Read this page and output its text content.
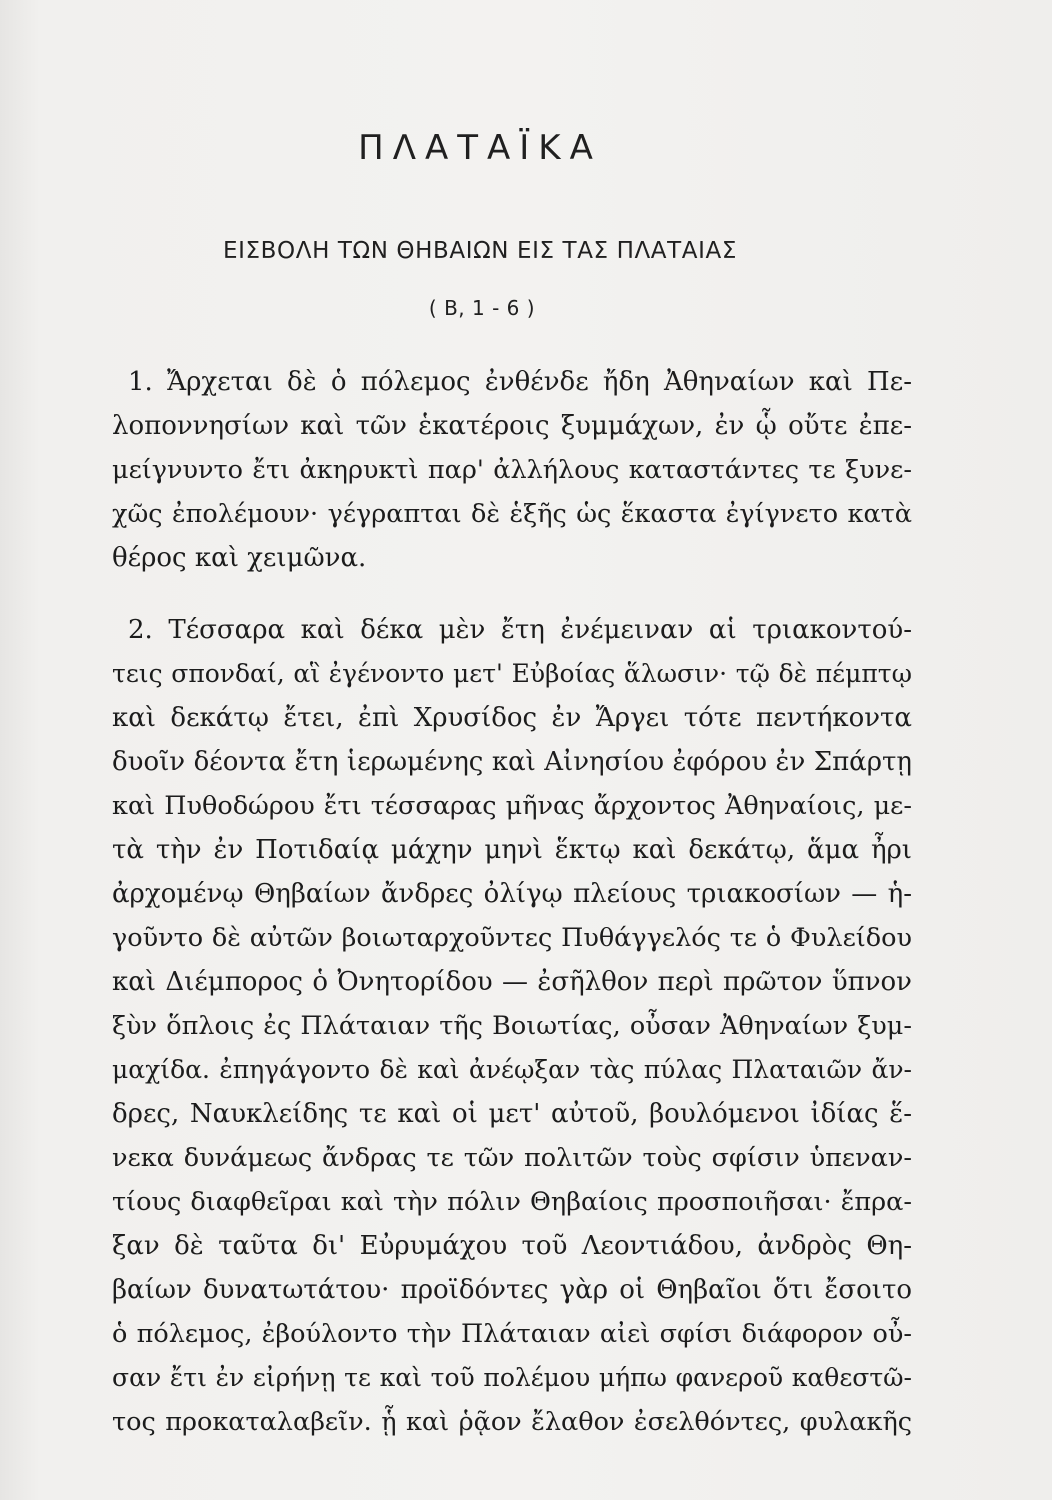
ΠΛΑΤΑΪΚΑ
ΕΙΣΒΟΛΗ ΤΩΝ ΘΗΒΑΙΩΝ ΕΙΣ ΤΑΣ ΠΛΑΤΑΙΑΣ
( Β, 1 - 6 )
1. Ἄρχεται δὲ ὁ πόλεμος ἐνθένδε ἤδη Ἀθηναίων καὶ Πε-
λοποννησίων καὶ τῶν ἑκατέροις ξυμμάχων, ἐν ᾧ οὔτε ἐπε-
μείγνυντο ἔτι ἀκηρυκτὶ παρ' ἀλλήλους καταστάντες τε ξυνε-
χῶς ἐπολέμουν· γέγραπται δὲ ἑξῆς ὡς ἕκαστα ἐγίγνετο κατὰ
θέρος καὶ χειμῶνα.
2. Τέσσαρα καὶ δέκα μὲν ἔτη ἐνέμειναν αἱ τριακοντού-
τεις σπονδαί, αἳ ἐγένοντο μετ' Εὐβοίας ἅλωσιν· τῷ δὲ πέμπτῳ
καὶ δεκάτῳ ἔτει, ἐπὶ Χρυσίδος ἐν Ἄργει τότε πεντήκοντα
δυοῖν δέοντα ἔτη ἱερωμένης καὶ Αἰνησίου ἐφόρου ἐν Σπάρτῃ
καὶ Πυθοδώρου ἔτι τέσσαρας μῆνας ἄρχοντος Ἀθηναίοις, με-
τὰ τὴν ἐν Ποτιδαίᾳ μάχην μηνὶ ἕκτῳ καὶ δεκάτῳ, ἅμα ἦρι
ἀρχομένῳ Θηβαίων ἄνδρες ὀλίγῳ πλείους τριακοσίων — ἡ-
γοῦντο δὲ αὐτῶν βοιωταρχοῦντες Πυθάγγελός τε ὁ Φυλείδου
καὶ Διέμπορος ὁ Ὀνητορίδου — ἐσῆλθον περὶ πρῶτον ὕπνον
ξὺν ὅπλοις ἐς Πλάταιαν τῆς Βοιωτίας, οὖσαν Ἀθηναίων ξυμ-
μαχίδα. ἐπηγάγοντο δὲ καὶ ἀνέῳξαν τὰς πύλας Πλαταιῶν ἄν-
δρες, Ναυκλείδης τε καὶ οἱ μετ' αὐτοῦ, βουλόμενοι ἰδίας ἕ-
νεκα δυνάμεως ἄνδρας τε τῶν πολιτῶν τοὺς σφίσιν ὑπεναν-
τίους διαφθεῖραι καὶ τὴν πόλιν Θηβαίοις προσποιῆσαι· ἔπρα-
ξαν δὲ ταῦτα δι' Εὐρυμάχου τοῦ Λεοντιάδου, ἀνδρὸς Θη-
βαίων δυνατωτάτου· προϊδόντες γὰρ οἱ Θηβαῖοι ὅτι ἔσοιτο
ὁ πόλεμος, ἐβούλοντο τὴν Πλάταιαν αἰεὶ σφίσι διάφορον οὖ-
σαν ἔτι ἐν εἰρήνῃ τε καὶ τοῦ πολέμου μήπω φανεροῦ καθεστῶ-
τος προκαταλαβεῖν. ᾗ καὶ ῥᾷον ἔλαθον ἐσελθόντες, φυλακῆς
